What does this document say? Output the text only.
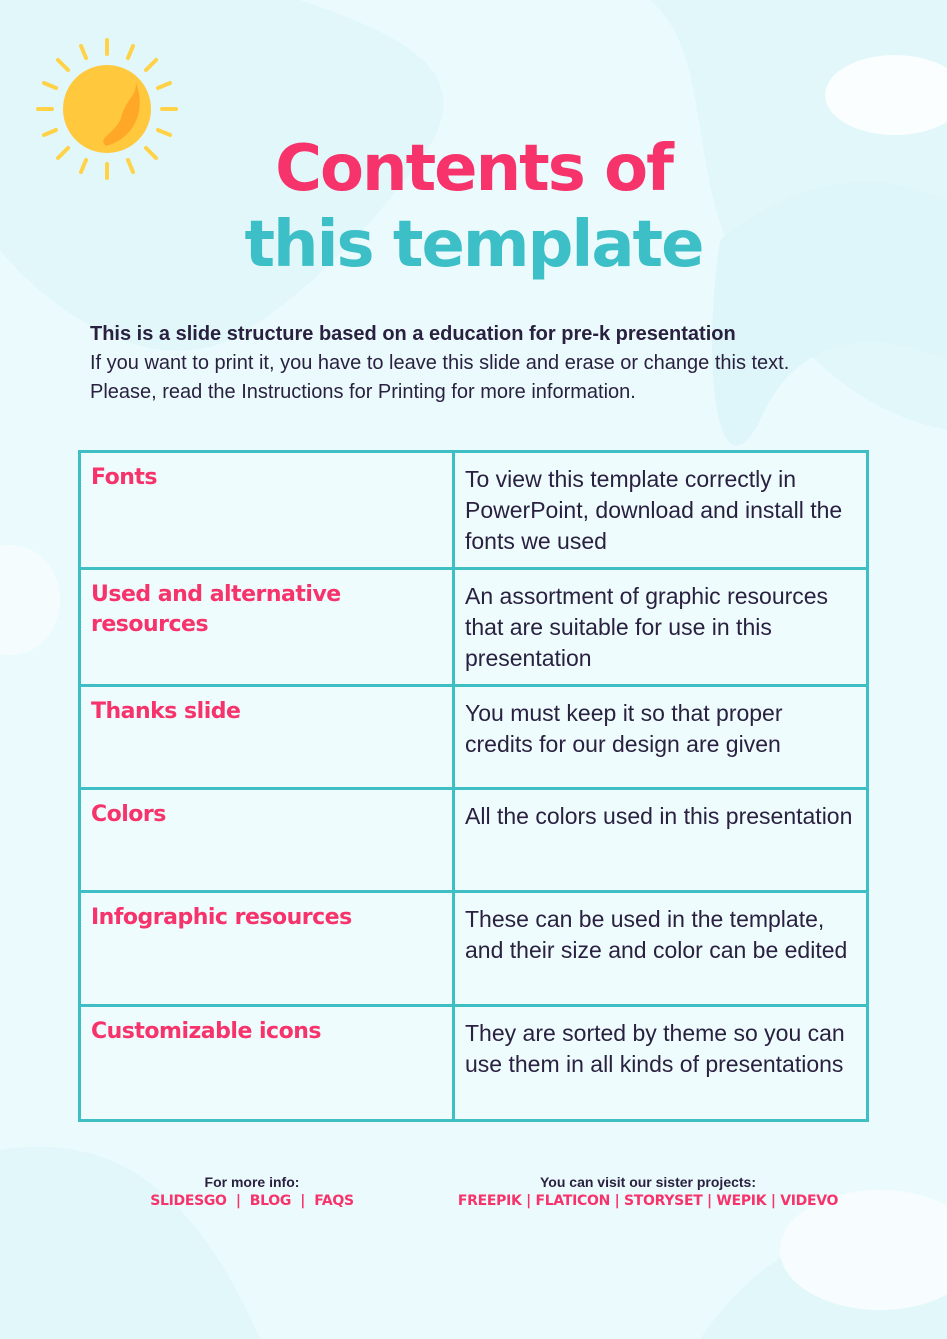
Contents of
this template
This is a slide structure based on a education for pre-k presentation
If you want to print it, you have to leave this slide and erase or change this text.
Please, read the Instructions for Printing for more information.
Fonts	To view this template correctly in PowerPoint, download and install the fonts we used
Used and alternative resources	An assortment of graphic resources that are suitable for use in this presentation
Thanks slide	You must keep it so that proper credits for our design are given
Colors	All the colors used in this presentation
Infographic resources	These can be used in the template, and their size and color can be edited
Customizable icons	They are sorted by theme so you can use them in all kinds of presentations
For more info:
SLIDESGO  |  BLOG  |  FAQS
You can visit our sister projects:
FREEPIK | FLATICON | STORYSET | WEPIK | VIDEVO
